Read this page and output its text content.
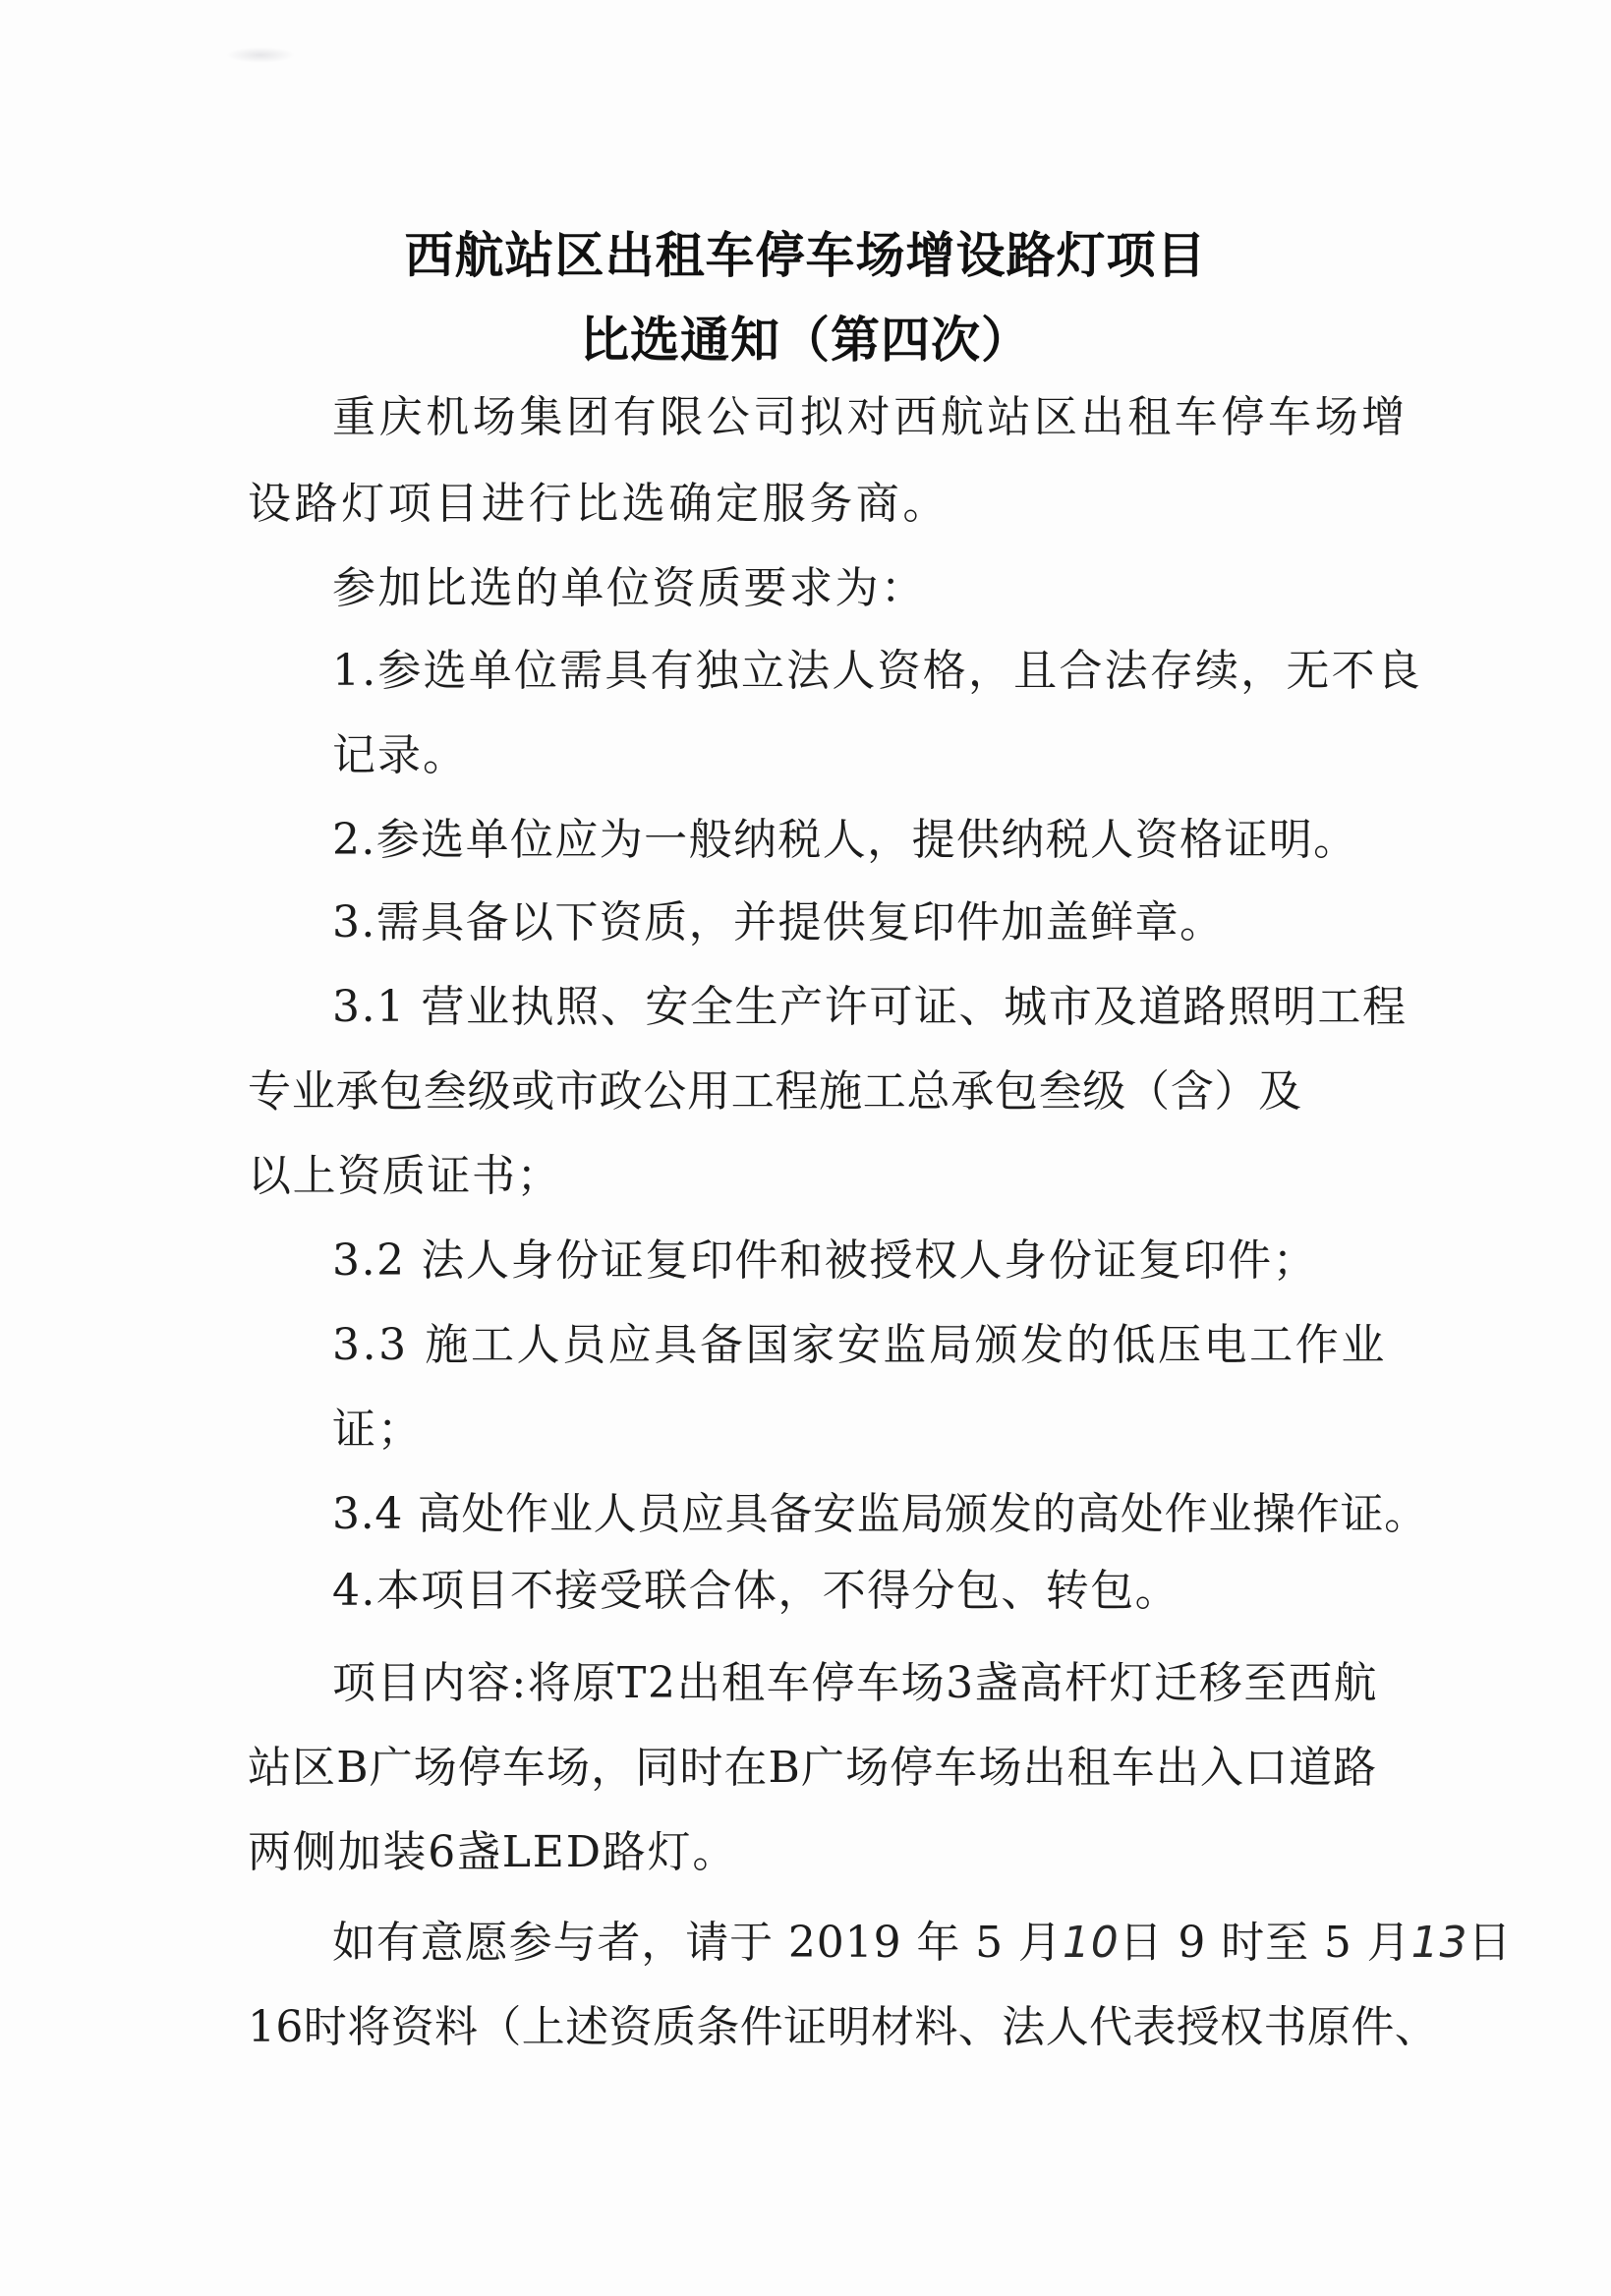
西航站区出租车停车场增设路灯项目
比选通知（第四次）
重庆机场集团有限公司拟对西航站区出租车停车场增
设路灯项目进行比选确定服务商。
参加比选的单位资质要求为：
1.参选单位需具有独立法人资格，且合法存续，无不良
记录。
2.参选单位应为一般纳税人，提供纳税人资格证明。
3.需具备以下资质，并提供复印件加盖鲜章。
3.1 营业执照、安全生产许可证、城市及道路照明工程
专业承包叁级或市政公用工程施工总承包叁级（含）及
以上资质证书；
3.2 法人身份证复印件和被授权人身份证复印件；
3.3 施工人员应具备国家安监局颁发的低压电工作业
证；
3.4 高处作业人员应具备安监局颁发的高处作业操作证。
4.本项目不接受联合体，不得分包、转包。
项目内容:将原T2出租车停车场3盏高杆灯迁移至西航
站区B广场停车场，同时在B广场停车场出租车出入口道路
两侧加装6盏LED路灯。
如有意愿参与者，请于 2019 年 5 月10日 9 时至 5 月13日
16时将资料（上述资质条件证明材料、法人代表授权书原件、
